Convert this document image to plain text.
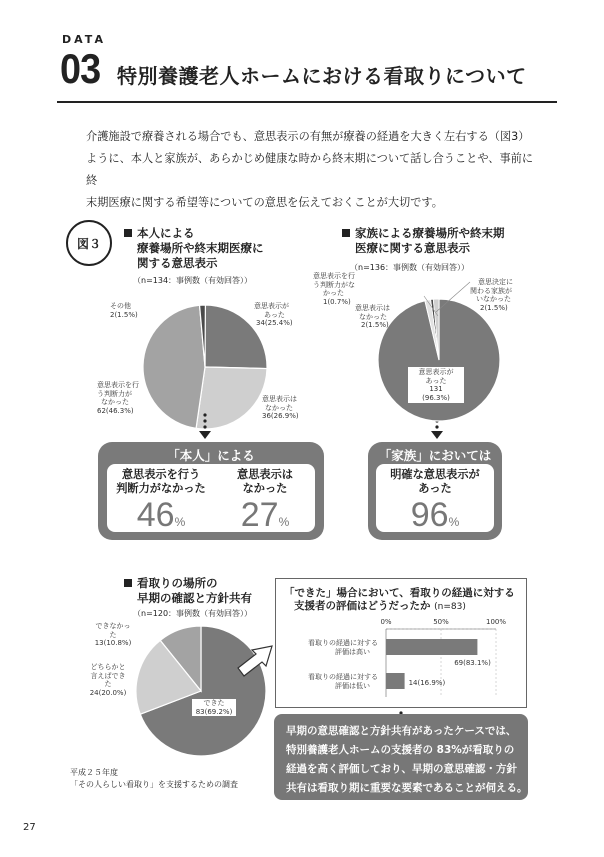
DATA
03 特別養護老人ホームにおける看取りについて
介護施設で療養される場合でも、意思表示の有無が療養の経過を大きく左右する（図3）
ように、本人と家族が、あらかじめ健康な時から終末期について話し合うことや、事前に終
末期医療に関する希望等についての意思を伝えておくことが大切です。
図３
本人による
療養場所や終末期医療に
関する意思表示
（n=134：事例数（有効回答））
意思表示が
あった
34(25.4%)
意思表示は
なかった
36(26.9%)
意思表示を行
う判断力が
なかった
62(46.3%)
その他
2(1.5%)
「本人」による
意思表示を行う
判断力がなかった
46%
意思表示は
なかった
27%
家族による療養場所や終末期
医療に関する意思表示
（n=136：事例数（有効回答））
意思表示を行
う判断力がな
かった
1(0.7%)
意思表示は
なかった
2(1.5%)
意思決定に
関わる家族が
いなかった
2(1.5%)
意思表示が
あった
131
(96.3%)
「家族」においては
明確な意思表示が
あった
96%
看取りの場所の
早期の確認と方針共有
（n=120：事例数（有効回答））
できなかっ
た
13(10.8%)
どちらかと
言えばでき
た
24(20.0%)
できた
83(69.2%)
平成２５年度
「その人らしい看取り」を支援するための調査
「できた」場合において、看取りの経過に対する
支援者の評価はどうだったか (n=83)
0%	50%	100%
看取りの経過に対する
評価は高い
看取りの経過に対する
評価は低い
69(83.1%)
14(16.9%)
早期の意思確認と方針共有があったケースでは、
特別養護老人ホームの支援者の 83%が看取りの
経過を高く評価しており、早期の意思確認・方針
共有は看取り期に重要な要素であることが伺える。
27
